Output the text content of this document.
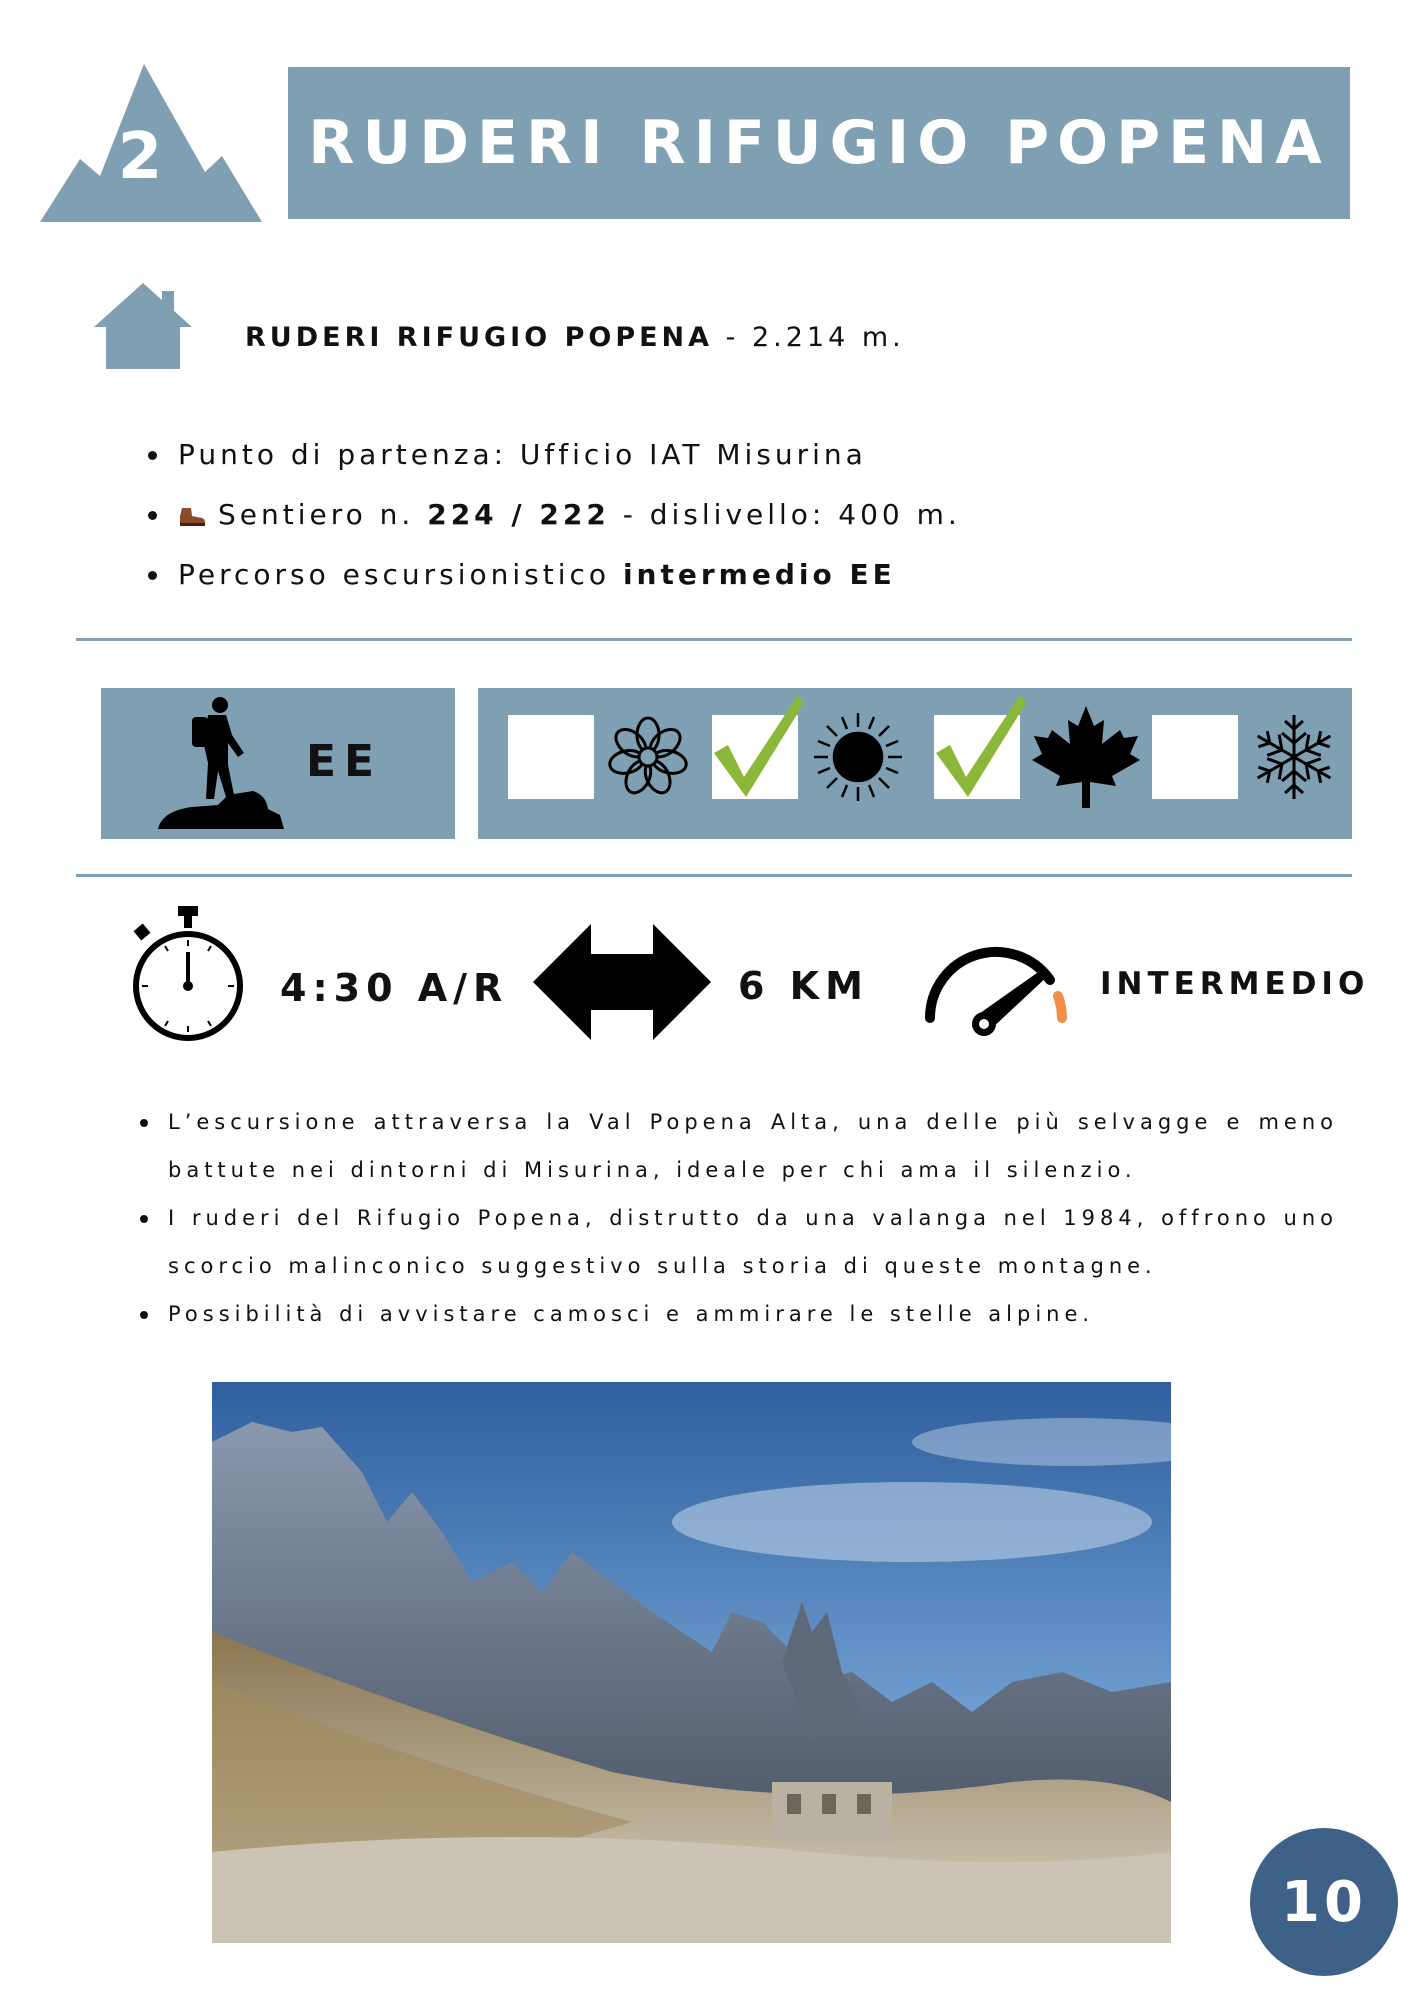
2 RUDERI RIFUGIO POPENA
RUDERI RIFUGIO POPENA - 2.214 m.
Punto di partenza: Ufficio IAT Misurina
Sentiero n. 224 / 222 - dislivello: 400 m.
Percorso escursionistico intermedio EE
EE
4:30 A/R	6 KM	INTERMEDIO
L’escursione attraversa la Val Popena Alta, una delle più selvagge e meno battute nei dintorni di Misurina, ideale per chi ama il silenzio.
I ruderi del Rifugio Popena, distrutto da una valanga nel 1984, offrono uno scorcio malinconico suggestivo sulla storia di queste montagne.
Possibilità di avvistare camosci e ammirare le stelle alpine.
10
